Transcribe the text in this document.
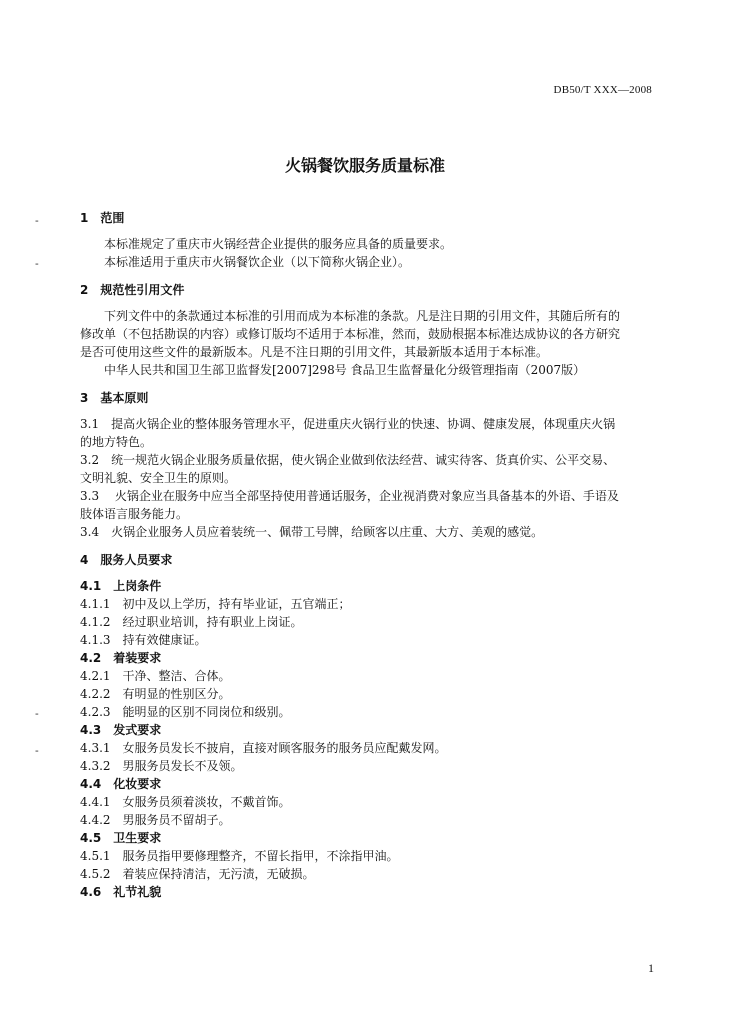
DB50/T XXX—2008
火锅餐饮服务质量标准
-
-
-
-
1　范围
本标准规定了重庆市火锅经营企业提供的服务应具备的质量要求。
本标准适用于重庆市火锅餐饮企业（以下简称火锅企业）。
2　规范性引用文件
下列文件中的条款通过本标准的引用而成为本标准的条款。凡是注日期的引用文件，其随后所有的
修改单（不包括勘误的内容）或修订版均不适用于本标准，然而，鼓励根据本标准达成协议的各方研究
是否可使用这些文件的最新版本。凡是不注日期的引用文件，其最新版本适用于本标准。
中华人民共和国卫生部卫监督发[2007]298号 食品卫生监督量化分级管理指南（2007版）
3　基本原则
3.1　提高火锅企业的整体服务管理水平，促进重庆火锅行业的快速、协调、健康发展，体现重庆火锅
的地方特色。
3.2　统一规范火锅企业服务质量依据，使火锅企业做到依法经营、诚实待客、货真价实、公平交易、
文明礼貌、安全卫生的原则。
3.3　 火锅企业在服务中应当全部坚持使用普通话服务，企业视消费对象应当具备基本的外语、手语及
肢体语言服务能力。
3.4　火锅企业服务人员应着装统一、佩带工号牌，给顾客以庄重、大方、美观的感觉。
4　服务人员要求
4.1　上岗条件
4.1.1　初中及以上学历，持有毕业证，五官端正；
4.1.2　经过职业培训，持有职业上岗证。
4.1.3　持有效健康证。
4.2　着装要求
4.2.1　干净、整洁、合体。
4.2.2　有明显的性别区分。
4.2.3　能明显的区别不同岗位和级别。
4.3　发式要求
4.3.1　女服务员发长不披肩，直接对顾客服务的服务员应配戴发网。
4.3.2　男服务员发长不及领。
4.4　化妆要求
4.4.1　女服务员须着淡妆，不戴首饰。
4.4.2　男服务员不留胡子。
4.5　卫生要求
4.5.1　服务员指甲要修理整齐，不留长指甲，不涂指甲油。
4.5.2　着装应保持清洁，无污渍，无破损。
4.6　礼节礼貌
1
